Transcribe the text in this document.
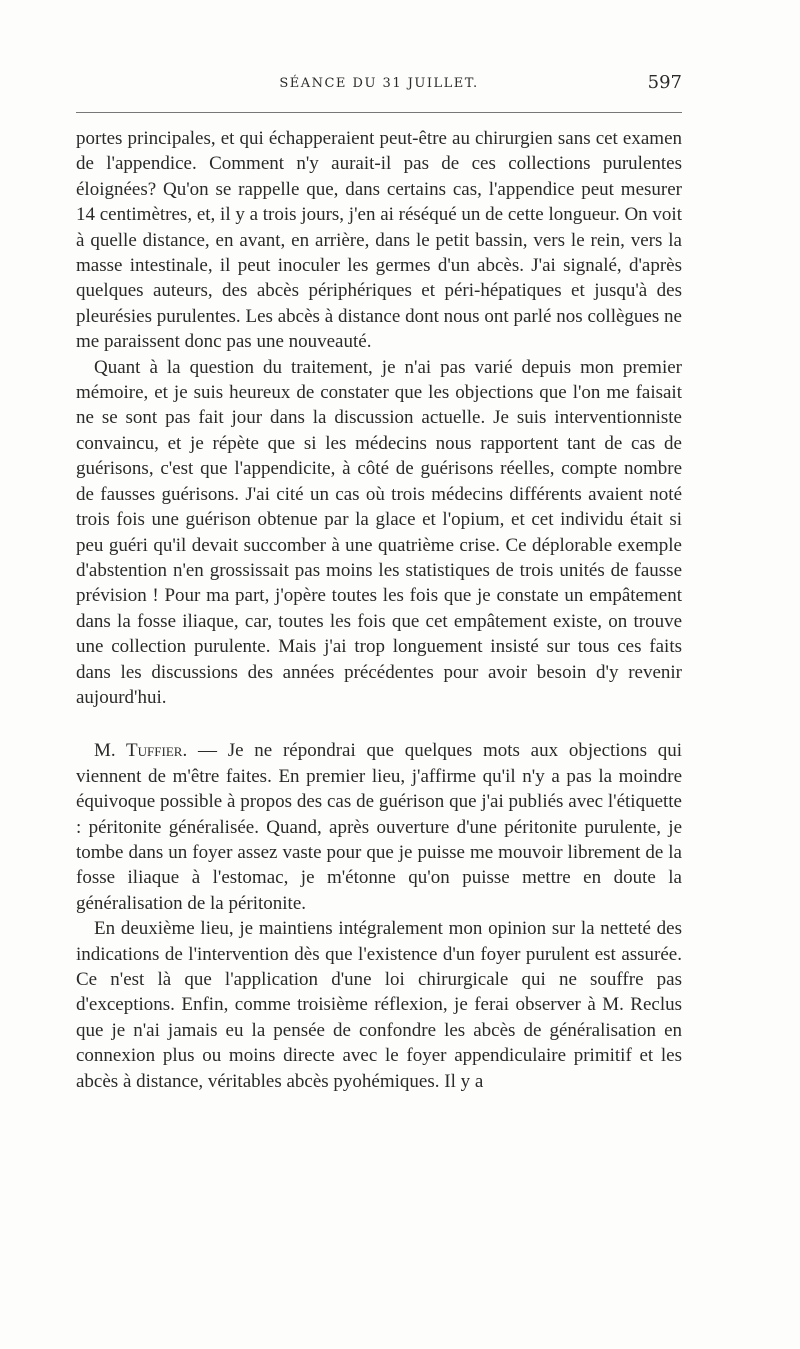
SÉANCE DU 31 JUILLET.	597

portes principales, et qui échapperaient peut-être au chirurgien sans cet examen de l'appendice. Comment n'y aurait-il pas de ces collections purulentes éloignées? Qu'on se rappelle que, dans certains cas, l'appendice peut mesurer 14 centimètres, et, il y a trois jours, j'en ai réséqué un de cette longueur. On voit à quelle distance, en avant, en arrière, dans le petit bassin, vers le rein, vers la masse intestinale, il peut inoculer les germes d'un abcès. J'ai signalé, d'après quelques auteurs, des abcès périphériques et péri-hépatiques et jusqu'à des pleurésies purulentes. Les abcès à distance dont nous ont parlé nos collègues ne me paraissent donc pas une nouveauté.

Quant à la question du traitement, je n'ai pas varié depuis mon premier mémoire, et je suis heureux de constater que les objections que l'on me faisait ne se sont pas fait jour dans la discussion actuelle. Je suis interventionniste convaincu, et je répète que si les médecins nous rapportent tant de cas de guérisons, c'est que l'appendicite, à côté de guérisons réelles, compte nombre de fausses guérisons. J'ai cité un cas où trois médecins différents avaient noté trois fois une guérison obtenue par la glace et l'opium, et cet individu était si peu guéri qu'il devait succomber à une quatrième crise. Ce déplorable exemple d'abstention n'en grossissait pas moins les statistiques de trois unités de fausse prévision ! Pour ma part, j'opère toutes les fois que je constate un empâtement dans la fosse iliaque, car, toutes les fois que cet empâtement existe, on trouve une collection purulente. Mais j'ai trop longuement insisté sur tous ces faits dans les discussions des années précédentes pour avoir besoin d'y revenir aujourd'hui.

M. Tuffier. — Je ne répondrai que quelques mots aux objections qui viennent de m'être faites. En premier lieu, j'affirme qu'il n'y a pas la moindre équivoque possible à propos des cas de guérison que j'ai publiés avec l'étiquette : péritonite généralisée. Quand, après ouverture d'une péritonite purulente, je tombe dans un foyer assez vaste pour que je puisse me mouvoir librement de la fosse iliaque à l'estomac, je m'étonne qu'on puisse mettre en doute la généralisation de la péritonite.

En deuxième lieu, je maintiens intégralement mon opinion sur la netteté des indications de l'intervention dès que l'existence d'un foyer purulent est assurée. Ce n'est là que l'application d'une loi chirurgicale qui ne souffre pas d'exceptions. Enfin, comme troisième réflexion, je ferai observer à M. Reclus que je n'ai jamais eu la pensée de confondre les abcès de généralisation en connexion plus ou moins directe avec le foyer appendiculaire primitif et les abcès à distance, véritables abcès pyohémiques. Il y a
